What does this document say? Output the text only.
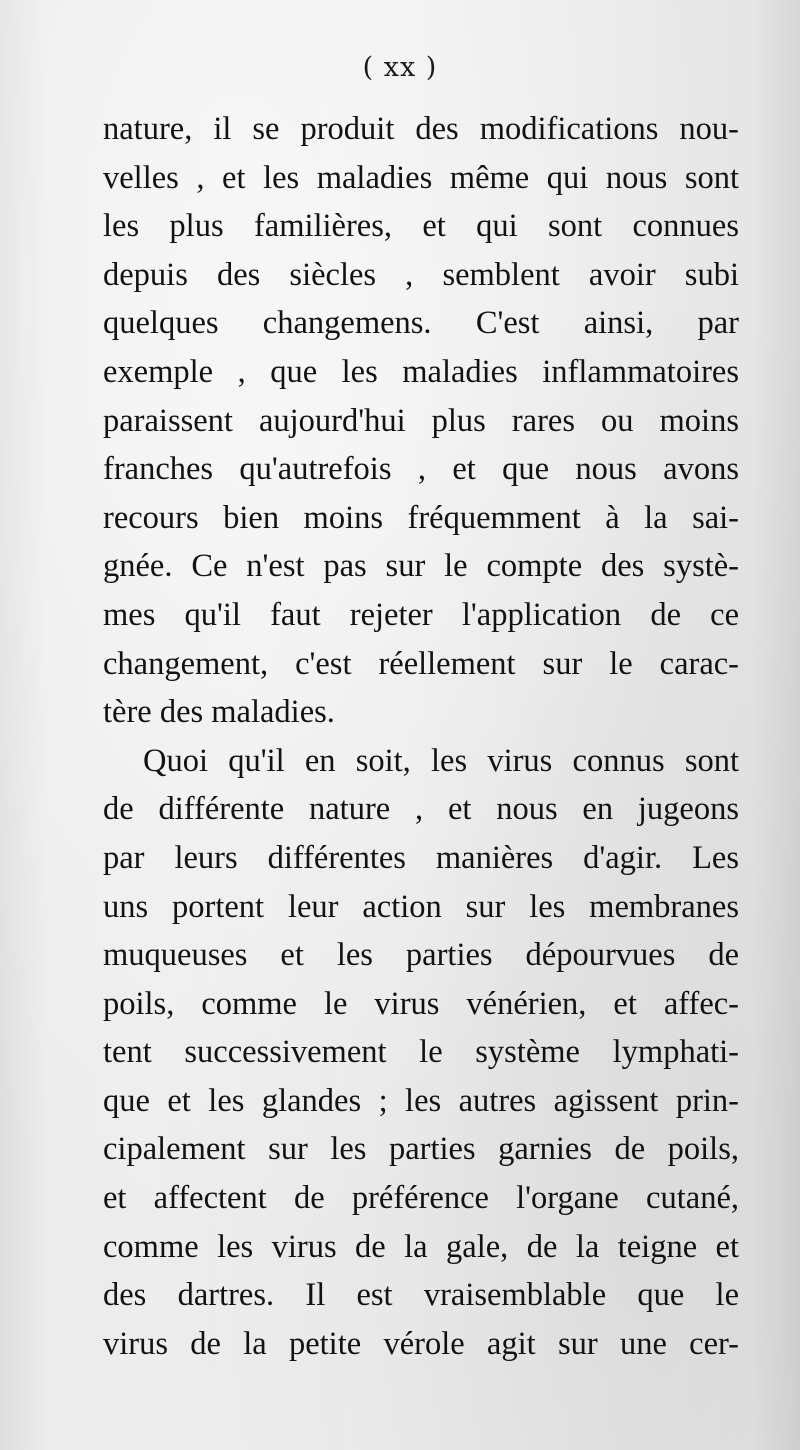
( xx )
nature, il se produit des modifications nou-
velles , et les maladies même qui nous sont
les plus familières, et qui sont connues
depuis des siècles , semblent avoir subi
quelques changemens. C'est ainsi, par
exemple , que les maladies inflammatoires
paraissent aujourd'hui plus rares ou moins
franches qu'autrefois , et que nous avons
recours bien moins fréquemment à la sai-
gnée. Ce n'est pas sur le compte des systè-
mes qu'il faut rejeter l'application de ce
changement, c'est réellement sur le carac-
tère des maladies.
Quoi qu'il en soit, les virus connus sont
de différente nature , et nous en jugeons
par leurs différentes manières d'agir. Les
uns portent leur action sur les membranes
muqueuses et les parties dépourvues de
poils, comme le virus vénérien, et affec-
tent successivement le système lymphati-
que et les glandes ; les autres agissent prin-
cipalement sur les parties garnies de poils,
et affectent de préférence l'organe cutané,
comme les virus de la gale, de la teigne et
des dartres. Il est vraisemblable que le
virus de la petite vérole agit sur une cer-
